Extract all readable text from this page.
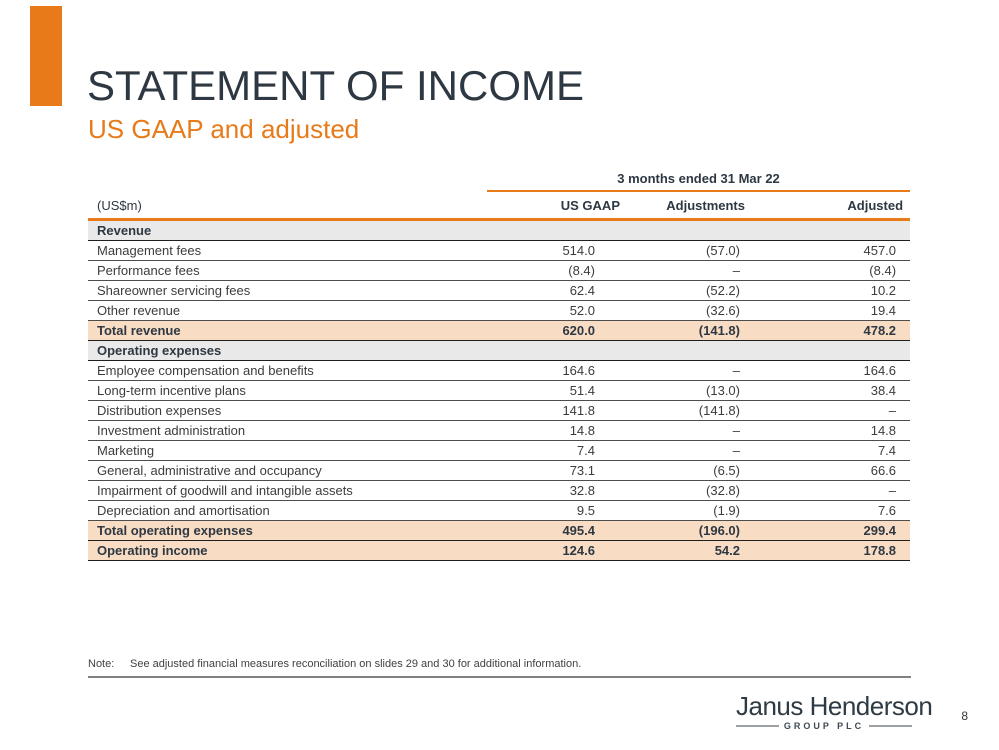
STATEMENT OF INCOME
US GAAP and adjusted

	3 months ended 31 Mar 22		

(US$m)	US GAAP	Adjustments	Adjusted
Revenue			
Management fees	514.0	(57.0)	457.0
Performance fees	(8.4)	–	(8.4)
Shareowner servicing fees	62.4	(52.2)	10.2
Other revenue	52.0	(32.6)	19.4
Total revenue	620.0	(141.8)	478.2
Operating expenses			
Employee compensation and benefits	164.6	–	164.6
Long-term incentive plans	51.4	(13.0)	38.4
Distribution expenses	141.8	(141.8)	–
Investment administration	14.8	–	14.8
Marketing	7.4	–	7.4
General, administrative and occupancy	73.1	(6.5)	66.6
Impairment of goodwill and intangible assets	32.8	(32.8)	–
Depreciation and amortisation	9.5	(1.9)	7.6
Total operating expenses	495.4	(196.0)	299.4
Operating income	124.6	54.2	178.8
Note: See adjusted financial measures reconciliation on slides 29 and 30 for additional information.
Janus Henderson
GROUP PLC
8
